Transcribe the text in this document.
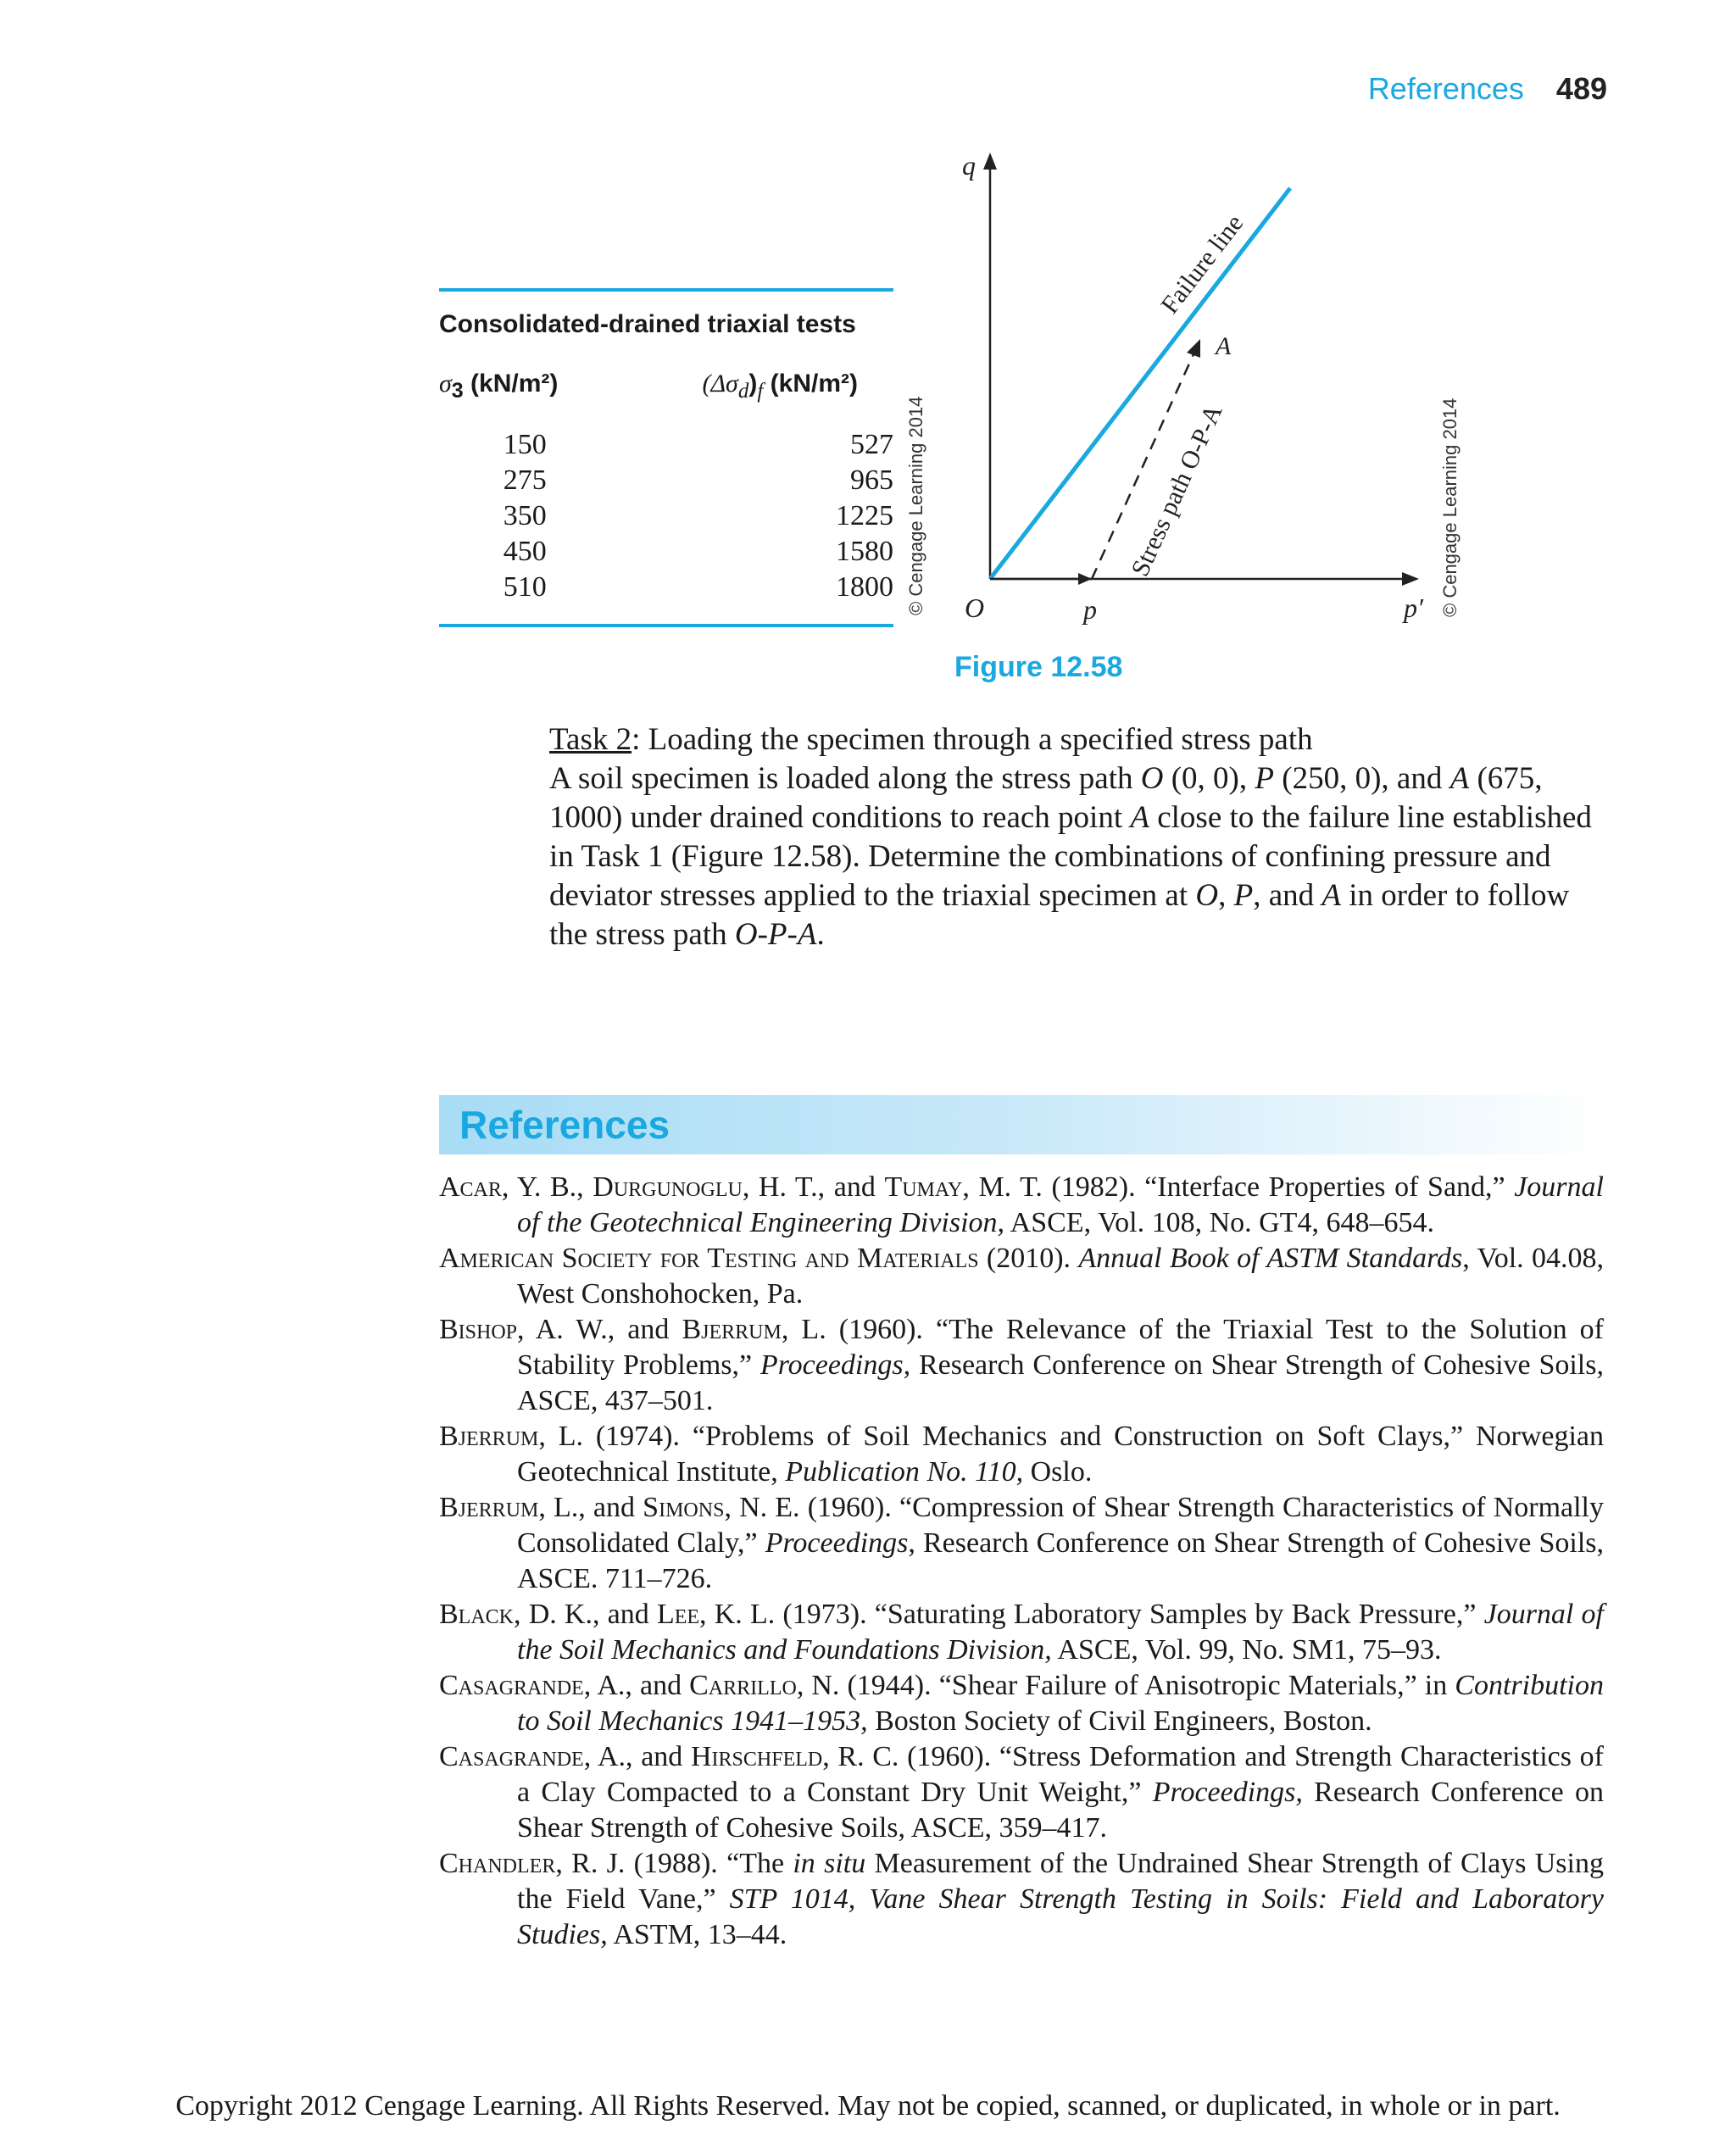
References 489
Consolidated-drained triaxial tests
$\sigma_3$ (kN/m²)	$(\Delta\sigma_d)_f$ (kN/m²)
150	527
275	965
350	1225
450	1580
510	1800 © Cengage Learning 2014
q
O	p	p′
A
Failure line
Stress path O-P-A	© Cengage Learning 2014
Figure 12.58
Task 2: Loading the specimen through a specified stress path
A soil specimen is loaded along the stress path O (0, 0), P (250, 0), and A (675, 1000) under drained conditions to reach point A close to the failure line established in Task 1 (Figure 12.58). Determine the combinations of confining pressure and deviator stresses applied to the triaxial specimen at O, P, and A in order to follow the stress path O-P-A.
References

Acar, Y. B., Durgunoglu, H. T., and Tumay, M. T. (1982). “Interface Properties of Sand,” Journal of the Geotechnical Engineering Division, ASCE, Vol. 108, No. GT4, 648–654.

American Society for Testing and Materials (2010). Annual Book of ASTM Standards, Vol. 04.08, West Conshohocken, Pa.

Bishop, A. W., and Bjerrum, L. (1960). “The Relevance of the Triaxial Test to the Solution of Stability Problems,” Proceedings, Research Conference on Shear Strength of Cohesive Soils, ASCE, 437–501.

Bjerrum, L. (1974). “Problems of Soil Mechanics and Construction on Soft Clays,” Norwegian Geotechnical Institute, Publication No. 110, Oslo.

Bjerrum, L., and Simons, N. E. (1960). “Compression of Shear Strength Characteristics of Normally Consolidated Claly,” Proceedings, Research Conference on Shear Strength of Cohesive Soils, ASCE. 711–726.

Black, D. K., and Lee, K. L. (1973). “Saturating Laboratory Samples by Back Pressure,” Journal of the Soil Mechanics and Foundations Division, ASCE, Vol. 99, No. SM1, 75–93.

Casagrande, A., and Carrillo, N. (1944). “Shear Failure of Anisotropic Materials,” in Contribution to Soil Mechanics 1941–1953, Boston Society of Civil Engineers, Boston.

Casagrande, A., and Hirschfeld, R. C. (1960). “Stress Deformation and Strength Characteristics of a Clay Compacted to a Constant Dry Unit Weight,” Proceedings, Research Conference on Shear Strength of Cohesive Soils, ASCE, 359–417.

Chandler, R. J. (1988). “The in situ Measurement of the Undrained Shear Strength of Clays Using the Field Vane,” STP 1014, Vane Shear Strength Testing in Soils: Field and Laboratory Studies, ASTM, 13–44.

Copyright 2012 Cengage Learning. All Rights Reserved. May not be copied, scanned, or duplicated, in whole or in part.
